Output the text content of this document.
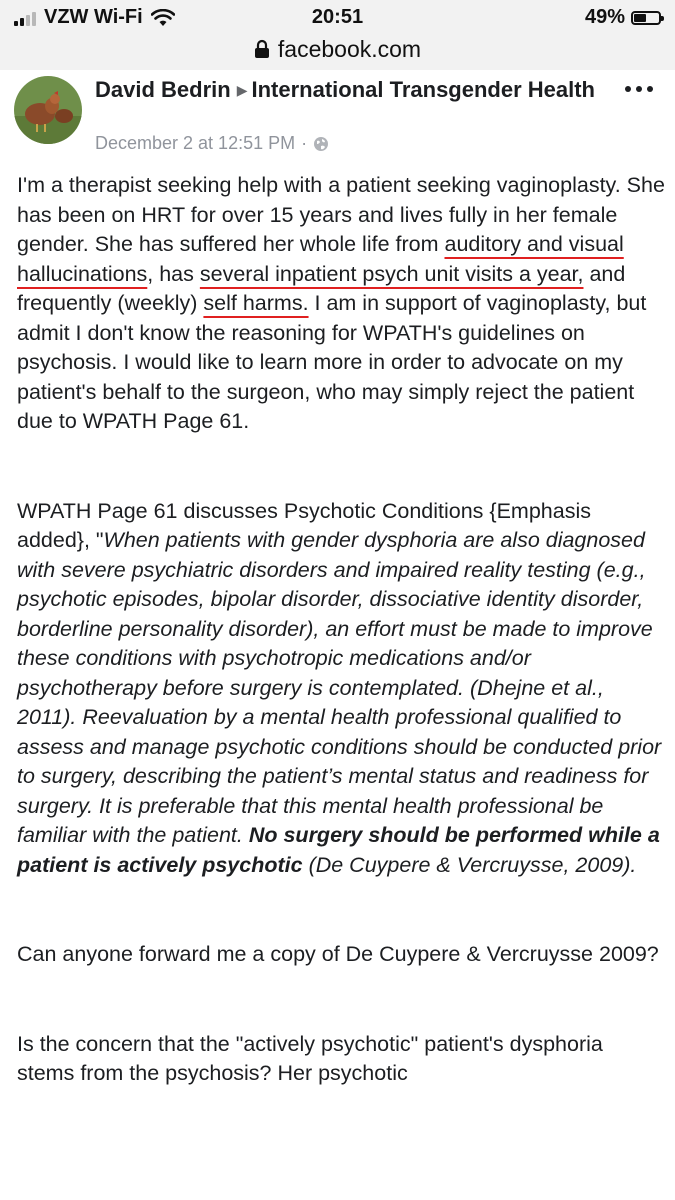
VZW Wi-Fi	20:51	49%
facebook.com
David Bedrin ▶ International Transgender Health
December 2 at 12:51 PM ·

I'm a therapist seeking help with a patient seeking vaginoplasty. She has been on HRT for over 15 years and lives fully in her female gender. She has suffered her whole life from auditory and visual hallucinations, has several inpatient psych unit visits a year, and frequently (weekly) self harms. I am in support of vaginoplasty, but admit I don't know the reasoning for WPATH's guidelines on psychosis. I would like to learn more in order to advocate on my patient's behalf to the surgeon, who may simply reject the patient due to WPATH Page 61.

WPATH Page 61 discusses Psychotic Conditions {Emphasis added}, "When patients with gender dysphoria are also diagnosed with severe psychiatric disorders and impaired reality testing (e.g., psychotic episodes, bipolar disorder, dissociative identity disorder, borderline personality disorder), an effort must be made to improve these conditions with psychotropic medications and/or psychotherapy before surgery is contemplated. (Dhejne et al., 2011). Reevaluation by a mental health professional qualified to assess and manage psychotic conditions should be conducted prior to surgery, describing the patient’s mental status and readiness for surgery. It is preferable that this mental health professional be familiar with the patient. No surgery should be performed while a patient is actively psychotic (De Cuypere & Vercruysse, 2009).

Can anyone forward me a copy of De Cuypere & Vercruysse 2009?

Is the concern that the "actively psychotic" patient's dysphoria stems from the psychosis? Her psychotic
